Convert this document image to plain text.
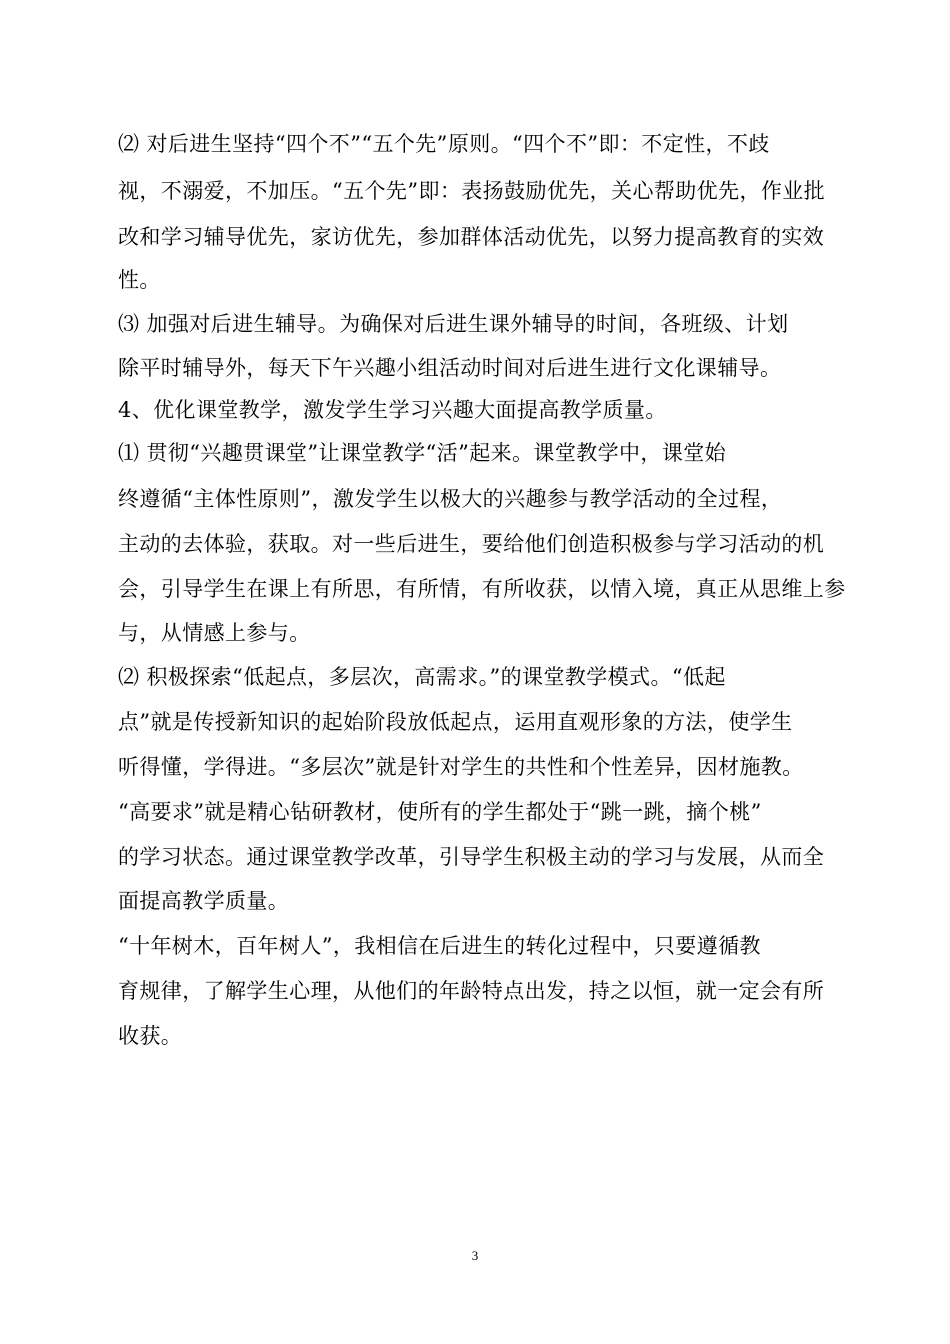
⑵ 对后进生坚持“四个不”“五个先”原则。“四个不”即：不定性，不歧
视，不溺爱，不加压。“五个先”即：表扬鼓励优先，关心帮助优先，作业批
改和学习辅导优先，家访优先，参加群体活动优先，以努力提高教育的实效
性。
⑶ 加强对后进生辅导。为确保对后进生课外辅导的时间，各班级、计划
除平时辅导外，每天下午兴趣小组活动时间对后进生进行文化课辅导。
4、优化课堂教学，激发学生学习兴趣大面提高教学质量。
⑴ 贯彻“兴趣贯课堂”让课堂教学“活”起来。课堂教学中，课堂始
终遵循“主体性原则”，激发学生以极大的兴趣参与教学活动的全过程，
主动的去体验，获取。对一些后进生，要给他们创造积极参与学习活动的机
会，引导学生在课上有所思，有所情，有所收获，以情入境，真正从思维上参
与，从情感上参与。
⑵ 积极探索“低起点，多层次，高需求。”的课堂教学模式。“低起
点”就是传授新知识的起始阶段放低起点，运用直观形象的方法，使学生
听得懂，学得进。“多层次”就是针对学生的共性和个性差异，因材施教。
“高要求”就是精心钻研教材，使所有的学生都处于“跳一跳，摘个桃”
的学习状态。通过课堂教学改革，引导学生积极主动的学习与发展，从而全
面提高教学质量。
“十年树木，百年树人”，我相信在后进生的转化过程中，只要遵循教
育规律，了解学生心理，从他们的年龄特点出发，持之以恒，就一定会有所
收获。
3
